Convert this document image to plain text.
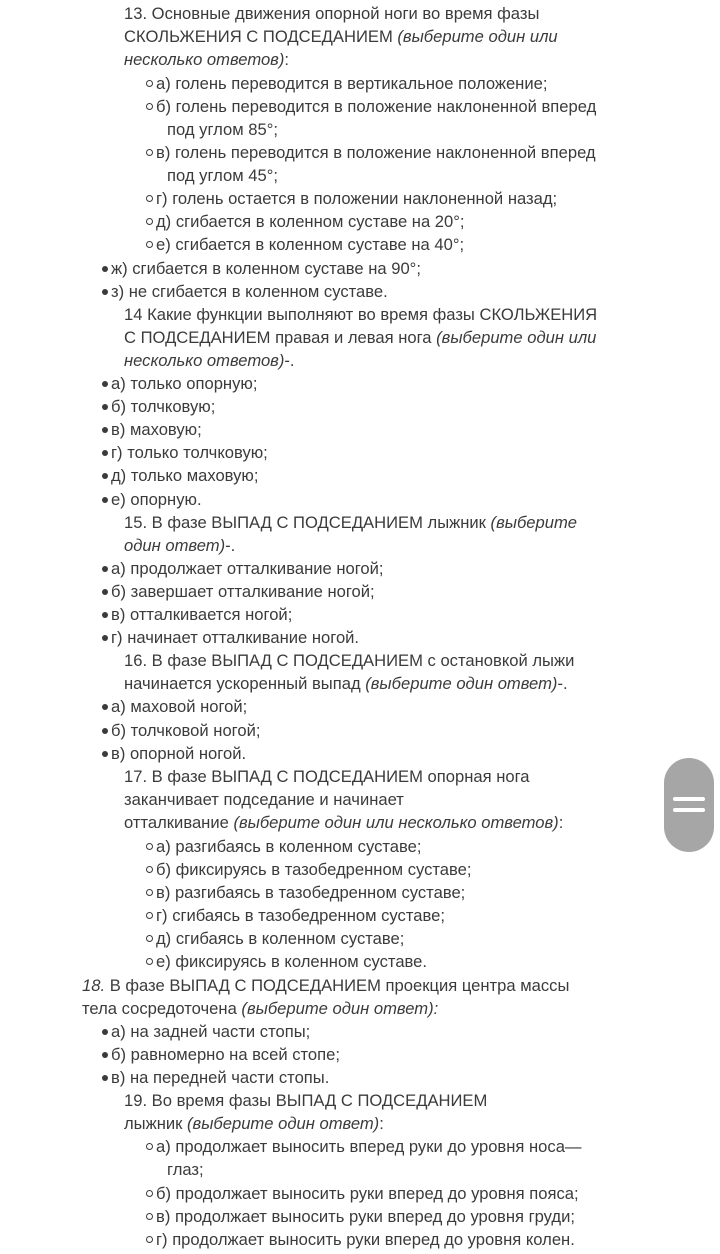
13. Основные движения опорной ноги во время фазы
СКОЛЬЖЕНИЯ С ПОДСЕДАНИЕМ (выберите один или
несколько ответов):
а) голень переводится в вертикальное положение;
б) голень переводится в положение наклоненной вперед
под углом 85°;
в) голень переводится в положение наклоненной вперед
под углом 45°;
г) голень остается в положении наклоненной назад;
д) сгибается в коленном суставе на 20°;
е) сгибается в коленном суставе на 40°;
ж) сгибается в коленном суставе на 90°;
з) не сгибается в коленном суставе.
14 Какие функции выполняют во время фазы СКОЛЬЖЕНИЯ
С ПОДСЕДАНИЕМ правая и левая нога (выберите один или
несколько ответов)-.
а) только опорную;
б) толчковую;
в) маховую;
г) только толчковую;
д) только маховую;
е) опорную.
15. В фазе ВЫПАД С ПОДСЕДАНИЕМ лыжник (выберите
один ответ)-.
а) продолжает отталкивание ногой;
б) завершает отталкивание ногой;
в) отталкивается ногой;
г) начинает отталкивание ногой.
16. В фазе ВЫПАД С ПОДСЕДАНИЕМ с остановкой лыжи
начинается ускоренный выпад (выберите один ответ)-.
а) маховой ногой;
б) толчковой ногой;
в) опорной ногой.
17. В фазе ВЫПАД С ПОДСЕДАНИЕМ опорная нога
заканчивает подседание и начинает
отталкивание (выберите один или несколько ответов):
а) разгибаясь в коленном суставе;
б) фиксируясь в тазобедренном суставе;
в) разгибаясь в тазобедренном суставе;
г) сгибаясь в тазобедренном суставе;
д) сгибаясь в коленном суставе;
е) фиксируясь в коленном суставе.
18. В фазе ВЫПАД С ПОДСЕДАНИЕМ проекция центра массы
тела сосредоточена (выберите один ответ):
а) на задней части стопы;
б) равномерно на всей стопе;
в) на передней части стопы.
19. Во время фазы ВЫПАД С ПОДСЕДАНИЕМ
лыжник (выберите один ответ):
а) продолжает выносить вперед руки до уровня носа—
глаз;
б) продолжает выносить руки вперед до уровня пояса;
в) продолжает выносить руки вперед до уровня груди;
г) продолжает выносить руки вперед до уровня колен.
